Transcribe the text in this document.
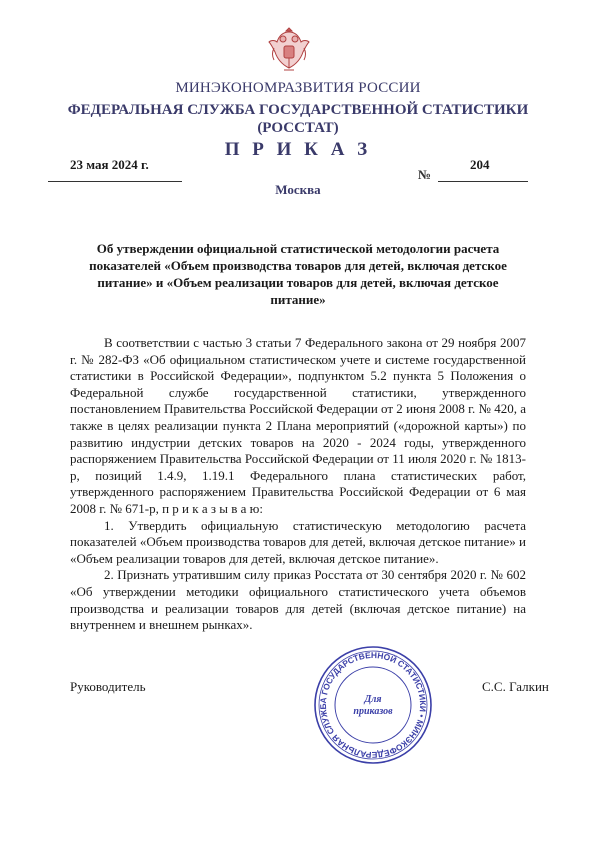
МИНЭКОНОМРАЗВИТИЯ РОССИИ
ФЕДЕРАЛЬНАЯ СЛУЖБА ГОСУДАРСТВЕННОЙ СТАТИСТИКИ
(РОССТАТ)
П Р И К А З
23 мая 2024 г.	204
№
Москва
Об утверждении официальной статистической методологии расчета показателей «Объем производства товаров для детей, включая детское питание» и «Объем реализации товаров для детей, включая детское питание»

В соответствии с частью 3 статьи 7 Федерального закона от 29 ноября 2007 г. № 282-ФЗ «Об официальном статистическом учете и системе государственной статистики в Российской Федерации», подпунктом 5.2 пункта 5 Положения о Федеральной службе государственной статистики, утвержденного постановлением Правительства Российской Федерации от 2 июня 2008 г. № 420, а также в целях реализации пункта 2 Плана мероприятий («дорожной карты») по развитию индустрии детских товаров на 2020 - 2024 годы, утвержденного распоряжением Правительства Российской Федерации от 11 июля 2020 г. № 1813-р, позиций 1.4.9, 1.19.1 Федерального плана статистических работ, утвержденного распоряжением Правительства Российской Федерации от 6 мая 2008 г. № 671-р, п р и к а з ы в а ю:

1. Утвердить официальную статистическую методологию расчета показателей «Объем производства товаров для детей, включая детское питание» и «Объем реализации товаров для детей, включая детское питание».

2. Признать утратившим силу приказ Росстата от 30 сентября 2020 г. № 602 «Об утверждении методики официального статистического учета объемов производства и реализации товаров для детей (включая детское питание) на внутреннем и внешнем рынках».

Руководитель	С.С. Галкин
ФЕДЕРАЛЬНАЯ СЛУЖБА ГОСУДАРСТВЕННОЙ СТАТИСТИКИ • МИНЭКОНОМРАЗВИТИЯ
Для
приказов
